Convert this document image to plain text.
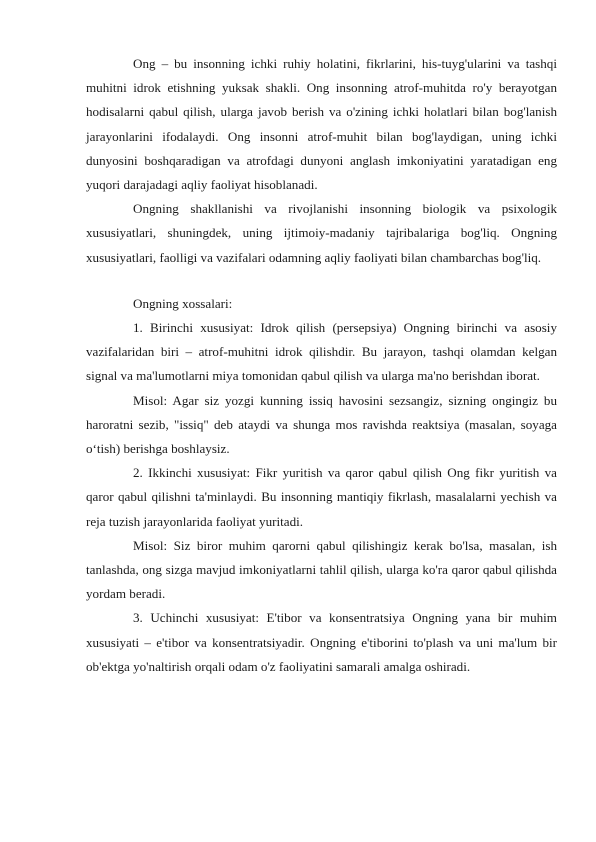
Ong – bu insonning ichki ruhiy holatini, fikrlarini, his-tuyg'ularini va tashqi muhitni idrok etishning yuksak shakli. Ong insonning atrof-muhitda ro'y berayotgan hodisalarni qabul qilish, ularga javob berish va o'zining ichki holatlari bilan bog'lanish jarayonlarini ifodalaydi. Ong insonni atrof-muhit bilan bog'laydigan, uning ichki dunyosini boshqaradigan va atrofdagi dunyoni anglash imkoniyatini yaratadigan eng yuqori darajadagi aqliy faoliyat hisoblanadi.

Ongning shakllanishi va rivojlanishi insonning biologik va psixologik xususiyatlari, shuningdek, uning ijtimoiy-madaniy tajribalariga bog'liq. Ongning xususiyatlari, faolligi va vazifalari odamning aqliy faoliyati bilan chambarchas bog'liq.

Ongning xossalari:

1. Birinchi xususiyat: Idrok qilish (persepsiya) Ongning birinchi va asosiy vazifalaridan biri – atrof-muhitni idrok qilishdir. Bu jarayon, tashqi olamdan kelgan signal va ma'lumotlarni miya tomonidan qabul qilish va ularga ma'no berishdan iborat.

Misol: Agar siz yozgi kunning issiq havosini sezsangiz, sizning ongingiz bu haroratni sezib, "issiq" deb ataydi va shunga mos ravishda reaktsiya (masalan, soyaga o‘tish) berishga boshlaysiz.

2. Ikkinchi xususiyat: Fikr yuritish va qaror qabul qilish Ong fikr yuritish va qaror qabul qilishni ta'minlaydi. Bu insonning mantiqiy fikrlash, masalalarni yechish va reja tuzish jarayonlarida faoliyat yuritadi.

Misol: Siz biror muhim qarorni qabul qilishingiz kerak bo'lsa, masalan, ish tanlashda, ong sizga mavjud imkoniyatlarni tahlil qilish, ularga ko'ra qaror qabul qilishda yordam beradi.

3. Uchinchi xususiyat: E'tibor va konsentratsiya Ongning yana bir muhim xususiyati – e'tibor va konsentratsiyadir. Ongning e'tiborini to'plash va uni ma'lum bir ob'ektga yo'naltirish orqali odam o'z faoliyatini samarali amalga oshiradi.
